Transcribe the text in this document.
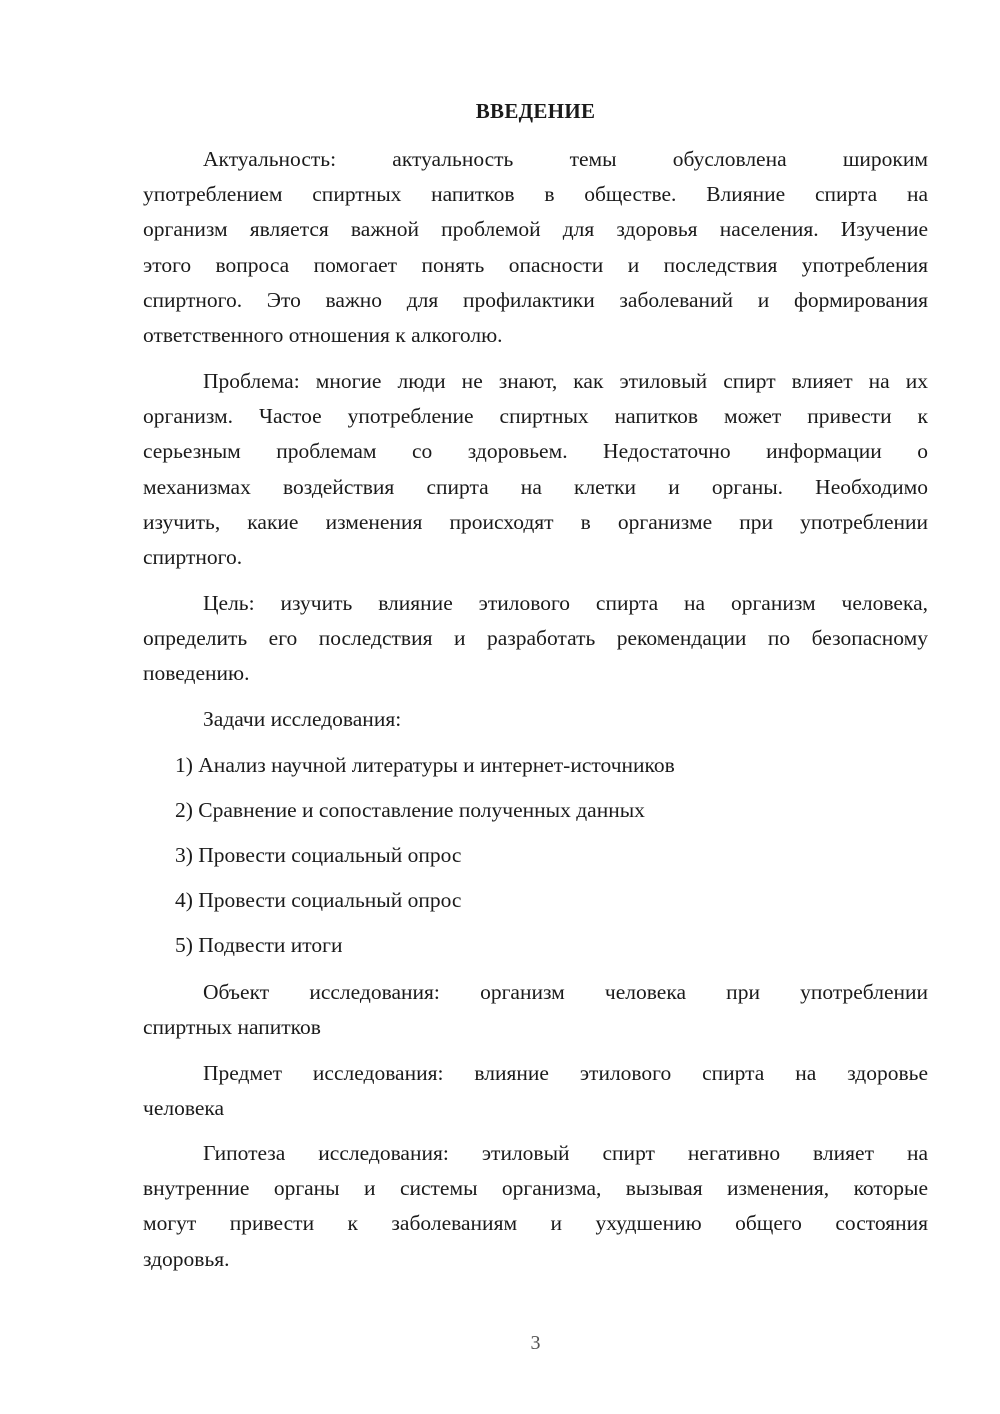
ВВЕДЕНИЕ
Актуальность: актуальность темы обусловлена широким
употреблением спиртных напитков в обществе. Влияние спирта на
организм является важной проблемой для здоровья населения. Изучение
этого вопроса помогает понять опасности и последствия употребления
спиртного. Это важно для профилактики заболеваний и формирования
ответственного отношения к алкоголю.
Проблема: многие люди не знают, как этиловый спирт влияет на их
организм. Частое употребление спиртных напитков может привести к
серьезным проблемам со здоровьем. Недостаточно информации о
механизмах воздействия спирта на клетки и органы. Необходимо
изучить, какие изменения происходят в организме при употреблении
спиртного.
Цель: изучить влияние этилового спирта на организм человека,
определить его последствия и разработать рекомендации по безопасному
поведению.
Задачи исследования:
1) Анализ научной литературы и интернет-источников
2) Сравнение и сопоставление полученных данных
3) Провести социальный опрос
4) Провести социальный опрос
5) Подвести итоги
Объект исследования: организм человека при употреблении
спиртных напитков
Предмет исследования: влияние этилового спирта на здоровье
человека
Гипотеза исследования: этиловый спирт негативно влияет на
внутренние органы и системы организма, вызывая изменения, которые
могут привести к заболеваниям и ухудшению общего состояния
здоровья.
3
